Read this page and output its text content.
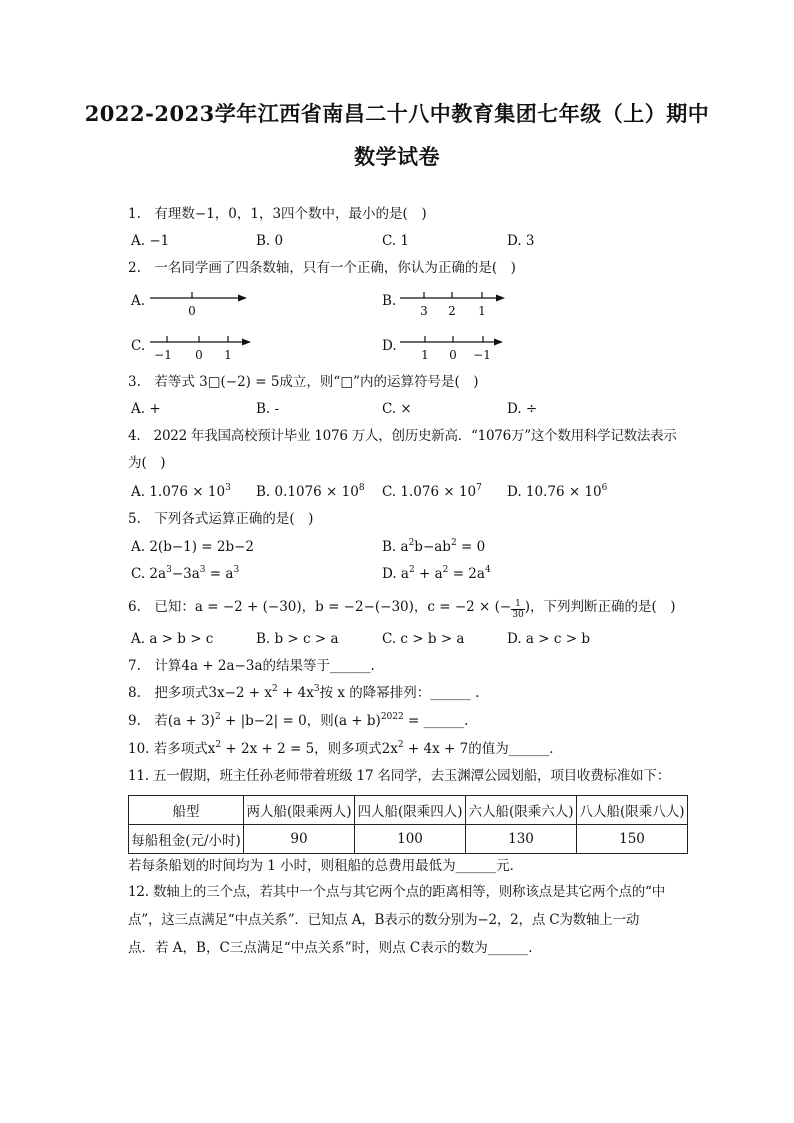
2022-2023学年江西省南昌二十八中教育集团七年级（上）期中
数学试卷
1.　有理数−1，0，1，3四个数中，最小的是(　)
A. −1	B. 0	C. 1	D. 3
2.　一名同学画了四条数轴，只有一个正确，你认为正确的是(　)
A.
0
B.
3 2 1
C.
−1 0 1
D.
1 0 −1
3.　若等式 3□(−2) = 5成立，则“□”内的运算符号是(　)
A. +	B. -	C. ×	D. ÷
4.　2022 年我国高校预计毕业 1076 万人，创历史新高．“1076万”这个数用科学记数法表示
为(　)
A. $1.076 \times 10^3$ B. $0.1076 \times 10^8$ C. $1.076 \times 10^7$ D. $10.76 \times 10^6$
5.　下列各式运算正确的是(　)
A. 2(b−1) = 2b−2	B. $a^2b-ab^2 = 0$
C. $2a^3-3a^3 = a^3$	D. $a^2 + a^2 = 2a^4$
6.　已知：a = −2 + (−30)，b = −2−(−30)，c = −2 × (− $\frac{1}{30}$ )，下列判断正确的是(　)
A. a > b > c	B. b > c > a	C. c > b > a	D. a > c > b
7.　计算4a + 2a−3a的结果等于______.
8.　把多项式$3x-2 + x^2 + 4x^3$按 x 的降幂排列：______ .
9.　若$(a + 3)^2 + |b-2| = 0$，则$(a + b)^{2022}$ = ______.
10. 若多项式$x^2 + 2x + 2 = 5$，则多项式$2x^2 + 4x + 7$的值为______.
11. 五一假期，班主任孙老师带着班级 17 名同学，去玉渊潭公园划船，项目收费标准如下：
船型	两人船(限乘两人)	四人船(限乘四人)	六人船(限乘六人)	八人船(限乘八人)
每船租金(元/小时)	90	100	130	150
若每条船划的时间均为 1 小时，则租船的总费用最低为______元．
12. 数轴上的三个点，若其中一个点与其它两个点的距离相等，则称该点是其它两个点的“中
点”，这三点满足“中点关系”．已知点 A，B表示的数分别为−2，2，点 C为数轴上一动
点．若 A，B，C三点满足“中点关系”时，则点 C表示的数为______.
